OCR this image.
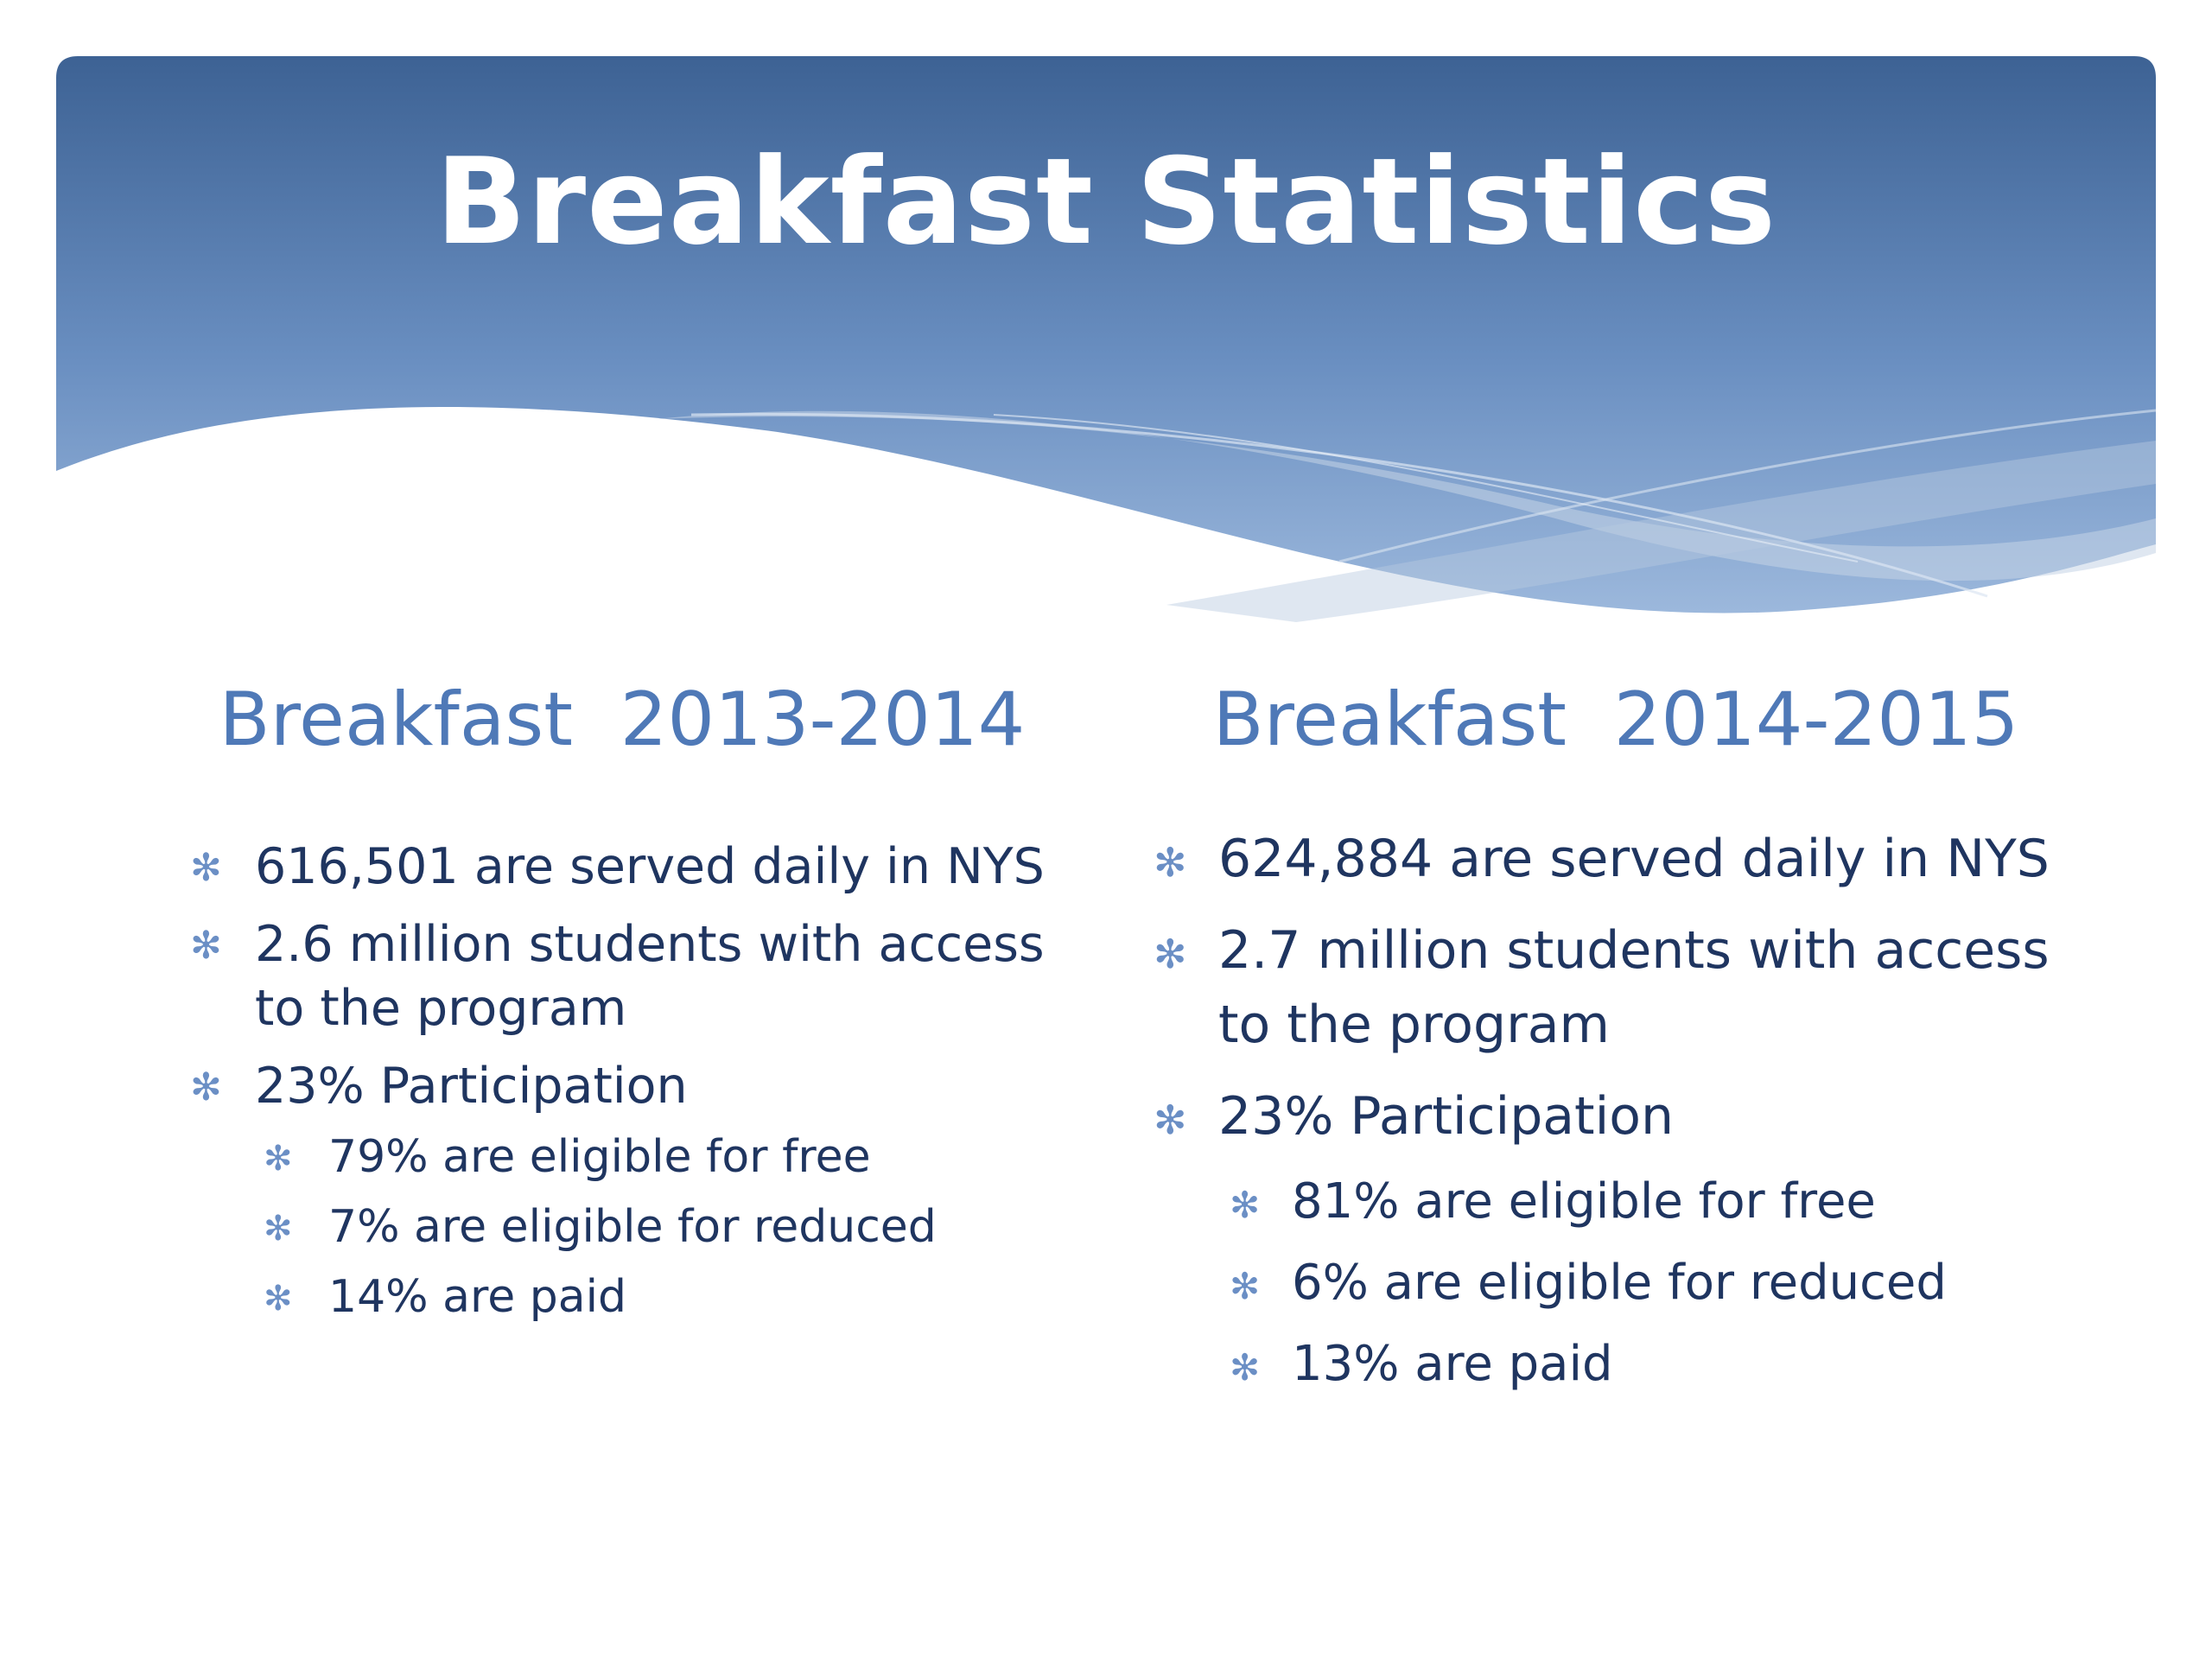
Breakfast Statistics
Breakfast  2013-2014
✻ 616,501 are served daily in NYS
✻ 2.6 million students with access to the program
✻ 23% Participation
✻ 79% are eligible for free
✻ 7% are eligible for reduced
✻ 14% are paid
Breakfast  2014-2015
✻ 624,884 are served daily in NYS
✻ 2.7 million students with access to the program
✻ 23% Participation
✻ 81% are eligible for free
✻ 6% are eligible for reduced
✻ 13% are paid
